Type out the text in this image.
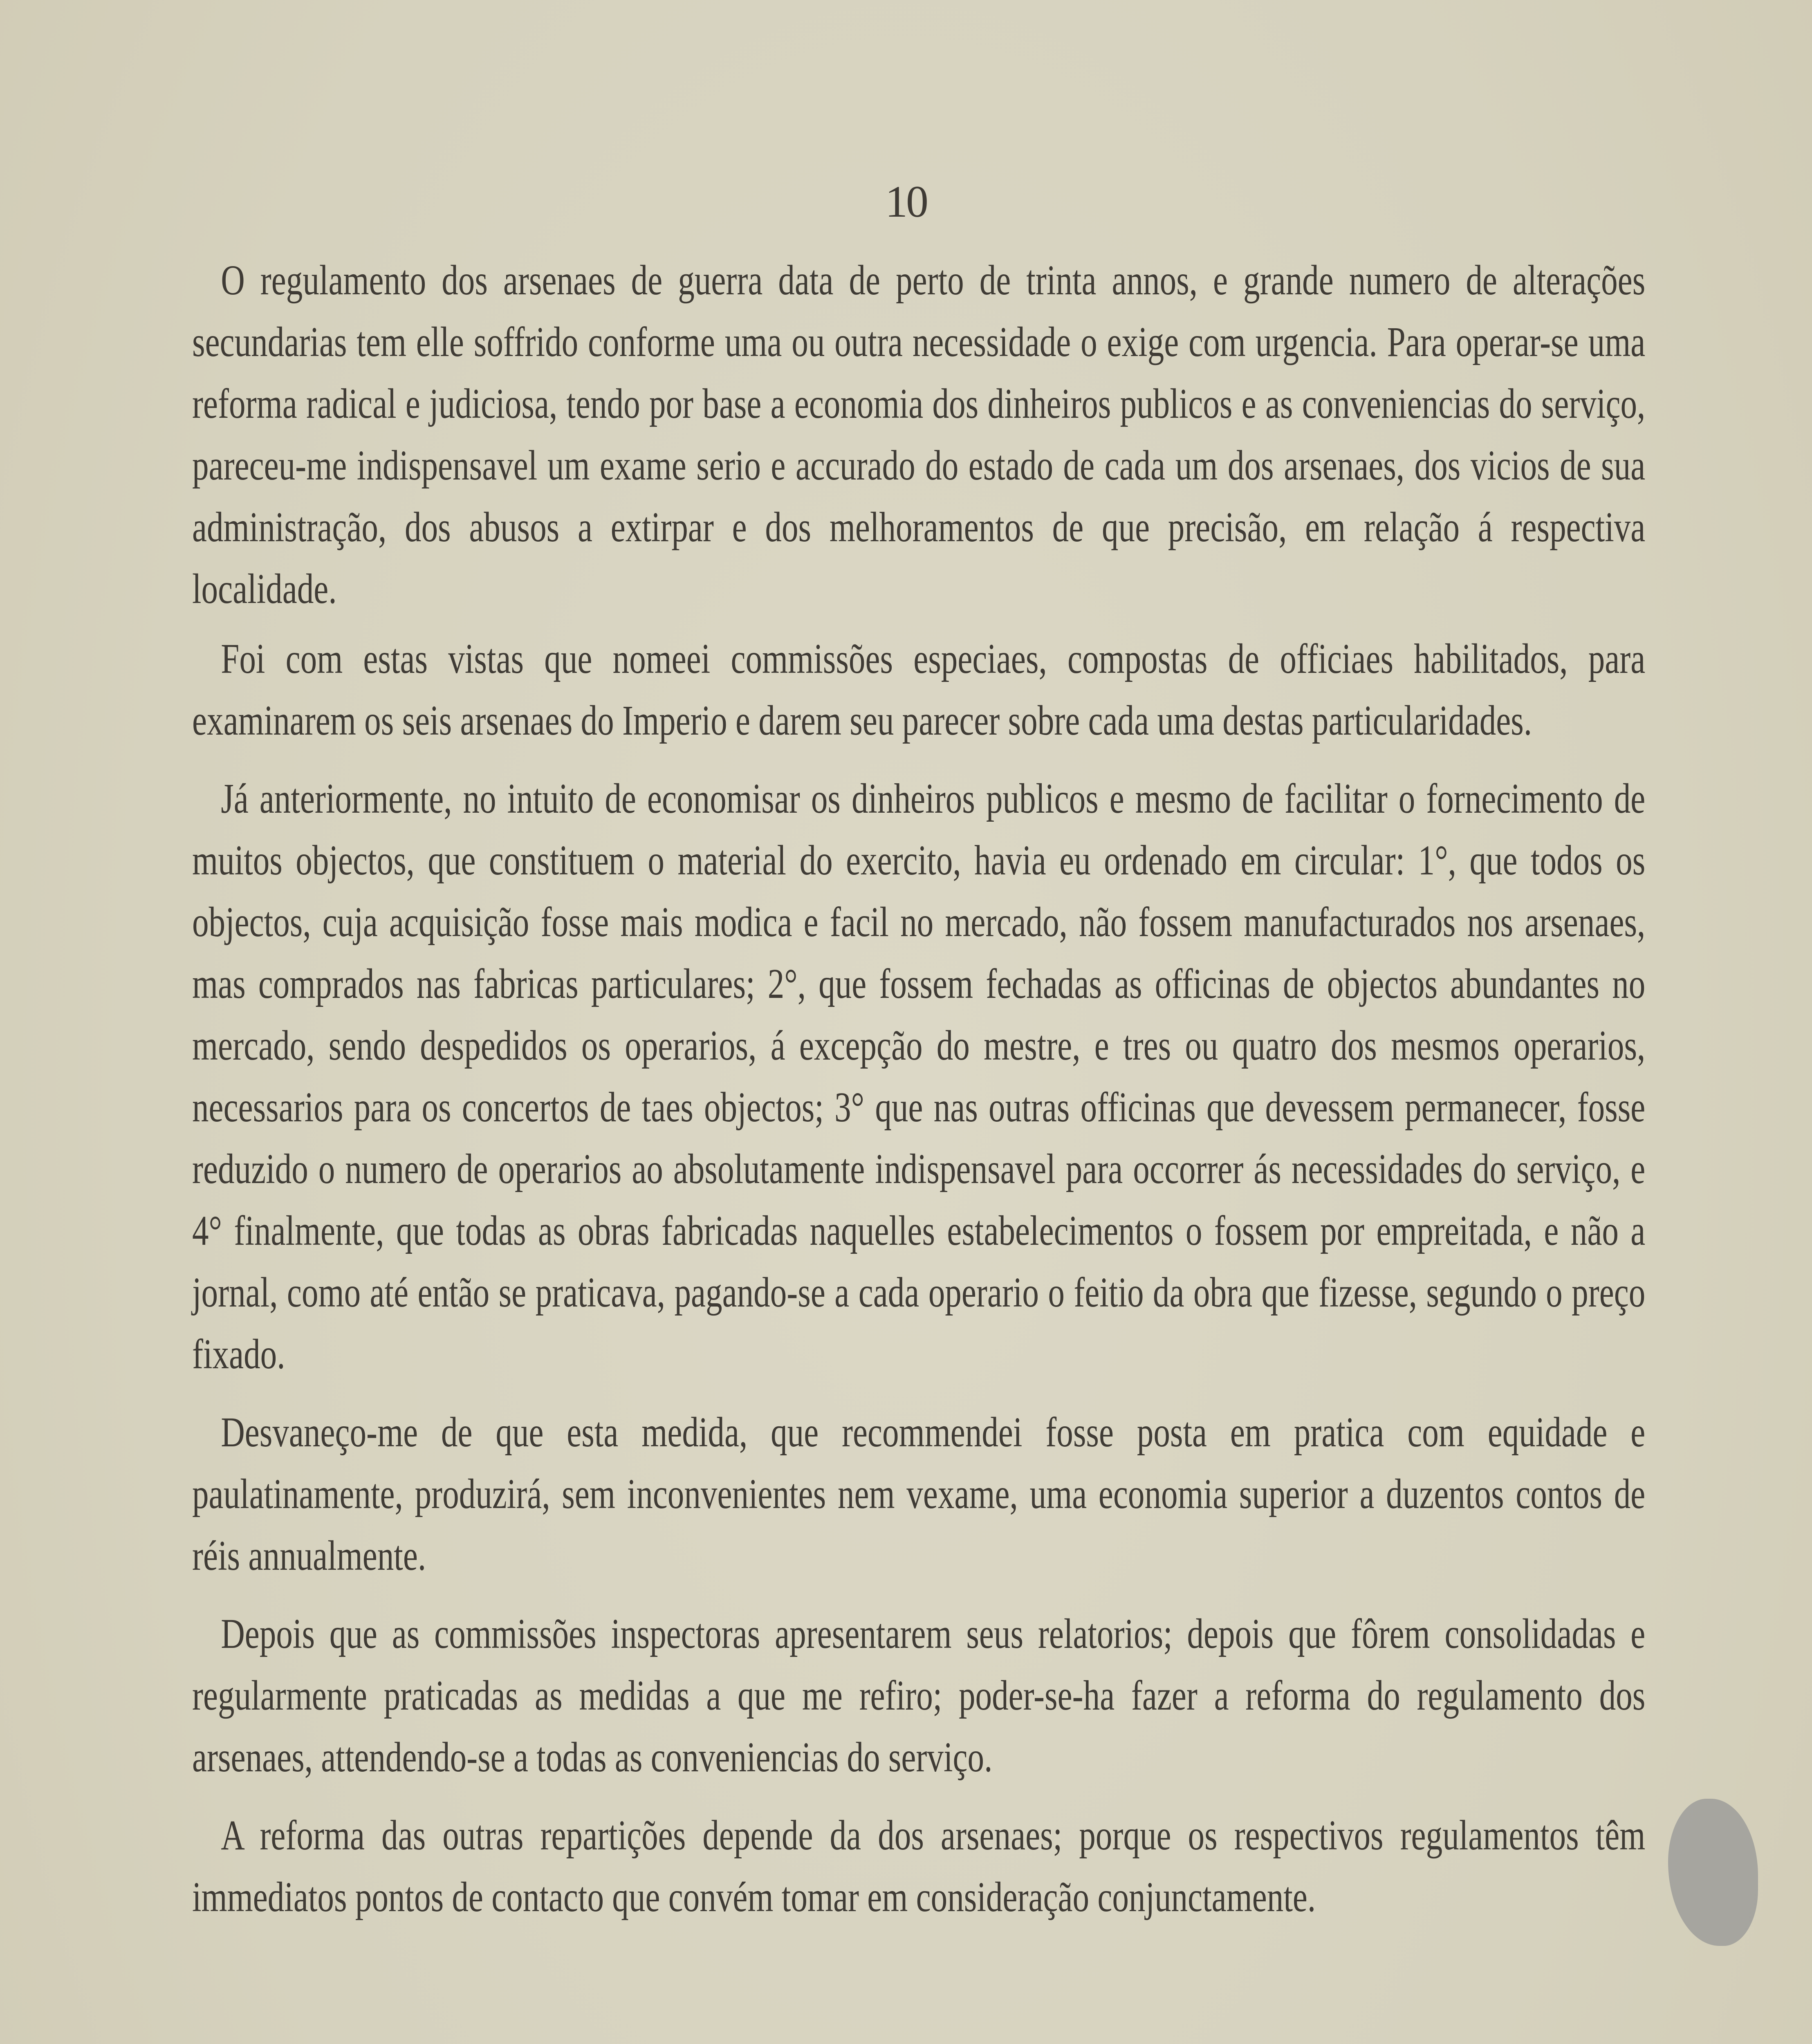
10

O regulamento dos arsenaes de guerra data de perto de trinta annos, e grande numero de alterações secundarias tem elle soffrido conforme uma ou outra necessidade o exige com urgencia. Para operar-se uma reforma radical e judiciosa, tendo por base a economia dos dinheiros publicos e as conveniencias do serviço, pareceu-me indispensavel um exame serio e accurado do estado de cada um dos arsenaes, dos vicios de sua administração, dos abusos a extirpar e dos melhoramentos de que precisão, em relação á respectiva localidade.

Foi com estas vistas que nomeei commissões especiaes, compostas de officiaes habilitados, para examinarem os seis arsenaes do Imperio e darem seu parecer sobre cada uma destas particularidades.

Já anteriormente, no intuito de economisar os dinheiros publicos e mesmo de facilitar o fornecimento de muitos objectos, que constituem o material do exercito, havia eu ordenado em circular: 1°, que todos os objectos, cuja acquisição fosse mais modica e facil no mercado, não fossem manufacturados nos arsenaes, mas comprados nas fabricas particulares; 2°, que fossem fechadas as officinas de objectos abundantes no mercado, sendo despedidos os operarios, á excepção do mestre, e tres ou quatro dos mesmos operarios, necessarios para os concertos de taes objectos; 3° que nas outras officinas que devessem permanecer, fosse reduzido o numero de operarios ao absolutamente indispensavel para occorrer ás necessidades do serviço, e 4° finalmente, que todas as obras fabricadas naquelles estabelecimentos o fossem por empreitada, e não a jornal, como até então se praticava, pagando-se a cada operario o feitio da obra que fizesse, segundo o preço fixado.

Desvaneço-me de que esta medida, que recommendei fosse posta em pratica com equidade e paulatinamente, produzirá, sem inconvenientes nem vexame, uma economia superior a duzentos contos de réis annualmente.

Depois que as commissões inspectoras apresentarem seus relatorios; depois que fôrem consolidadas e regularmente praticadas as medidas a que me refiro; poder-se-ha fazer a reforma do regulamento dos arsenaes, attendendo-se a todas as conveniencias do serviço.

A reforma das outras repartições depende da dos arsenaes; porque os respectivos regulamentos têm immediatos pontos de contacto que convém tomar em consideração conjunctamente.
